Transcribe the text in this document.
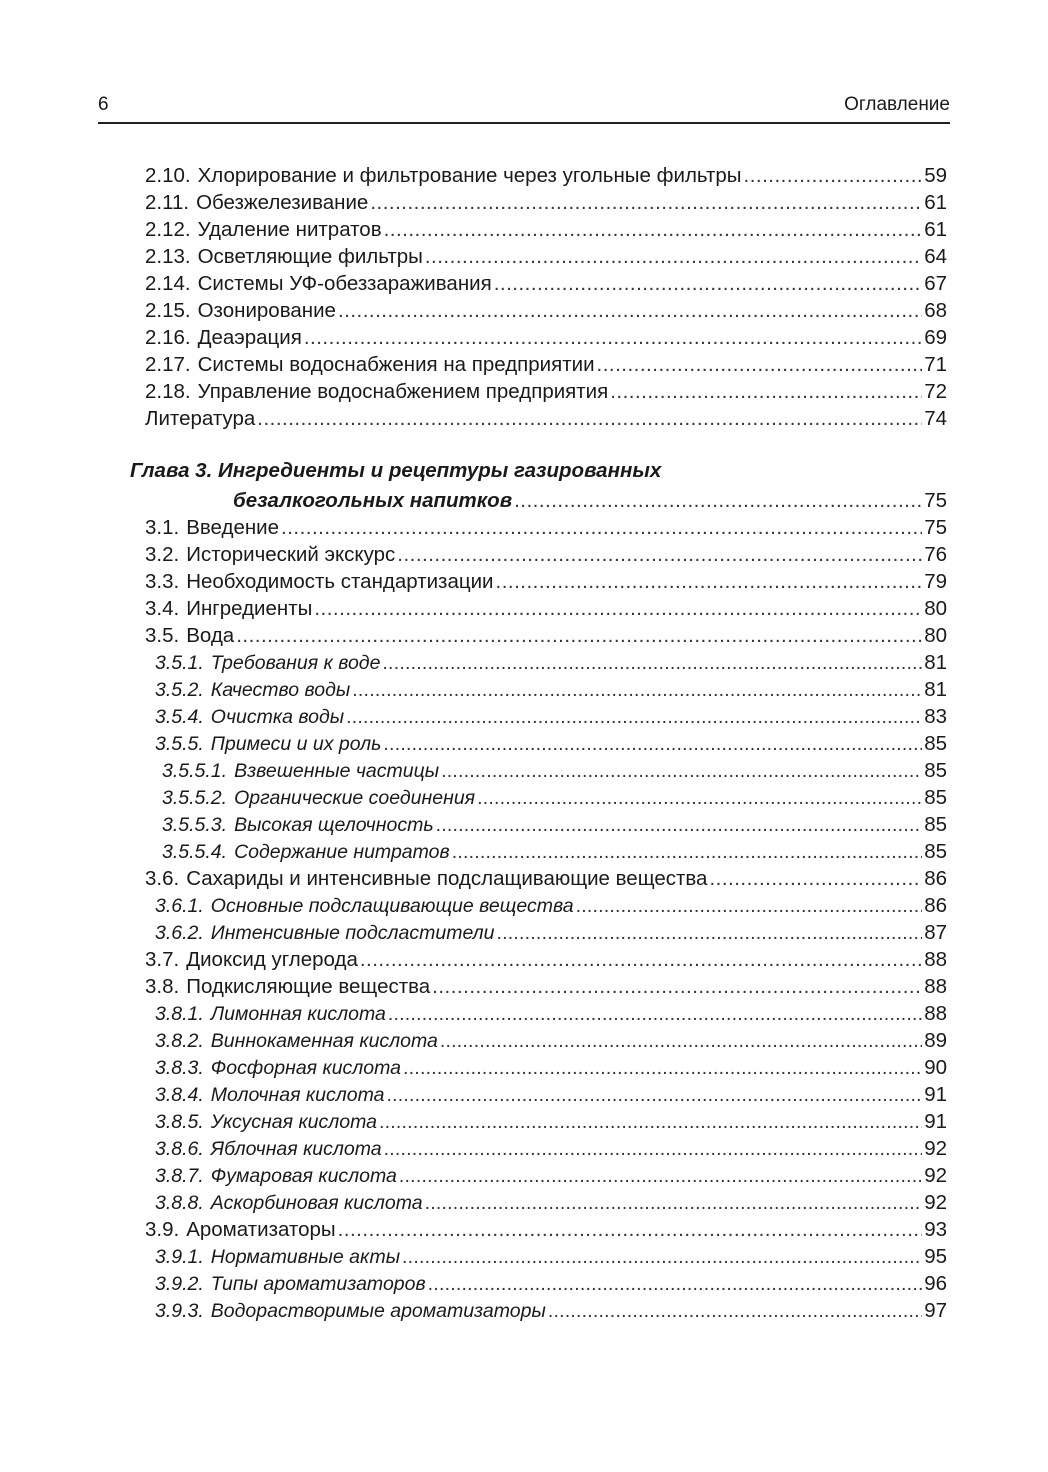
6	Оглавление
2.10. Хлорирование и фильтрование через угольные фильтры . . .	59
2.11. Обезжелезивание . . .	61
2.12. Удаление нитратов . . .	61
2.13. Осветляющие фильтры . . .	64
2.14. Системы УФ-обеззараживания . . .	67
2.15. Озонирование . . .	68
2.16. Деаэрация . . .	69
2.17. Системы водоснабжения на предприятии . . .	71
2.18. Управление водоснабжением предприятия . . .	72
Литература . . .	74
Глава 3. Ингредиенты и рецептуры газированных
безалкогольных напитков . . .	75
3.1. Введение . . .	75
3.2. Исторический экскурс . . .	76
3.3. Необходимость стандартизации . . .	79
3.4. Ингредиенты . . .	80
3.5. Вода . . .	80
3.5.1. Требования к воде . . .	81
3.5.2. Качество воды . . .	81
3.5.4. Очистка воды . . .	83
3.5.5. Примеси и их роль . . .	85
3.5.5.1. Взвешенные частицы . . .	85
3.5.5.2. Органические соединения . . .	85
3.5.5.3. Высокая щелочность . . .	85
3.5.5.4. Содержание нитратов . . .	85
3.6. Сахариды и интенсивные подслащивающие вещества . . .	86
3.6.1. Основные подслащивающие вещества . . .	86
3.6.2. Интенсивные подсластители . . .	87
3.7. Диоксид углерода . . .	88
3.8. Подкисляющие вещества . . .	88
3.8.1. Лимонная кислота . . .	88
3.8.2. Виннокаменная кислота . . .	89
3.8.3. Фосфорная кислота . . .	90
3.8.4. Молочная кислота . . .	91
3.8.5. Уксусная кислота . . .	91
3.8.6. Яблочная кислота . . .	92
3.8.7. Фумаровая кислота . . .	92
3.8.8. Аскорбиновая кислота . . .	92
3.9. Ароматизаторы . . .	93
3.9.1. Нормативные акты . . .	95
3.9.2. Типы ароматизаторов . . .	96
3.9.3. Водорастворимые ароматизаторы . . .	97
